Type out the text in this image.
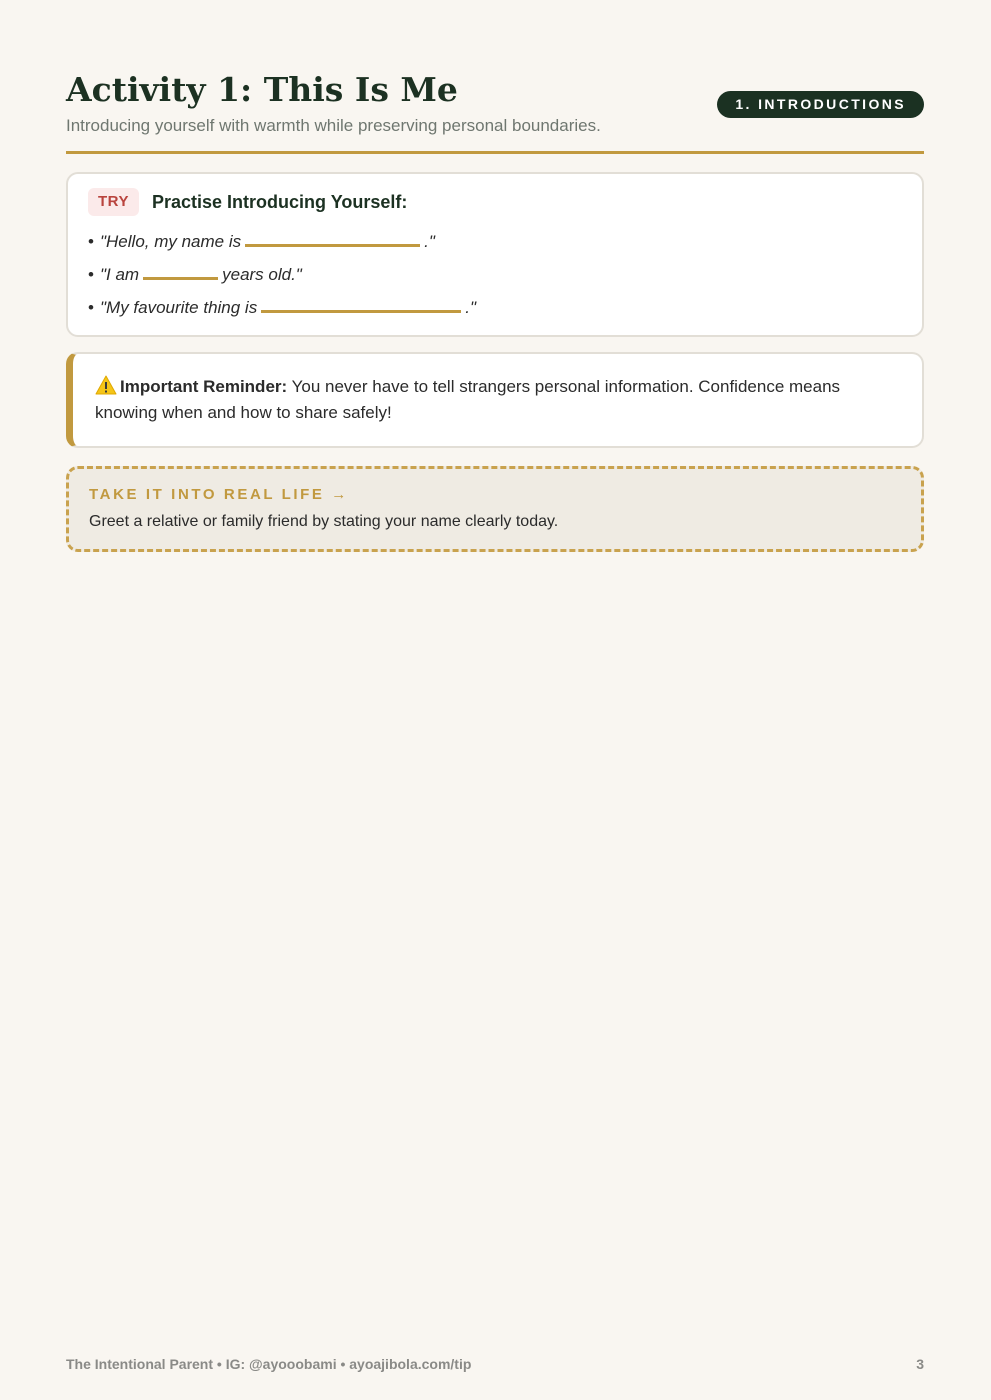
Activity 1: This Is Me
Introducing yourself with warmth while preserving personal boundaries.
1. INTRODUCTIONS
TRY	Practise Introducing Yourself:
• "Hello, my name is	."
• "I am	years old."
• "My favourite thing is	."
Important Reminder: You never have to tell strangers personal information. Confidence means knowing when and how to share safely!
TAKE IT INTO REAL LIFE →
Greet a relative or family friend by stating your name clearly today.
The Intentional Parent • IG: @ayooobami • ayoajibola.com/tip	3
